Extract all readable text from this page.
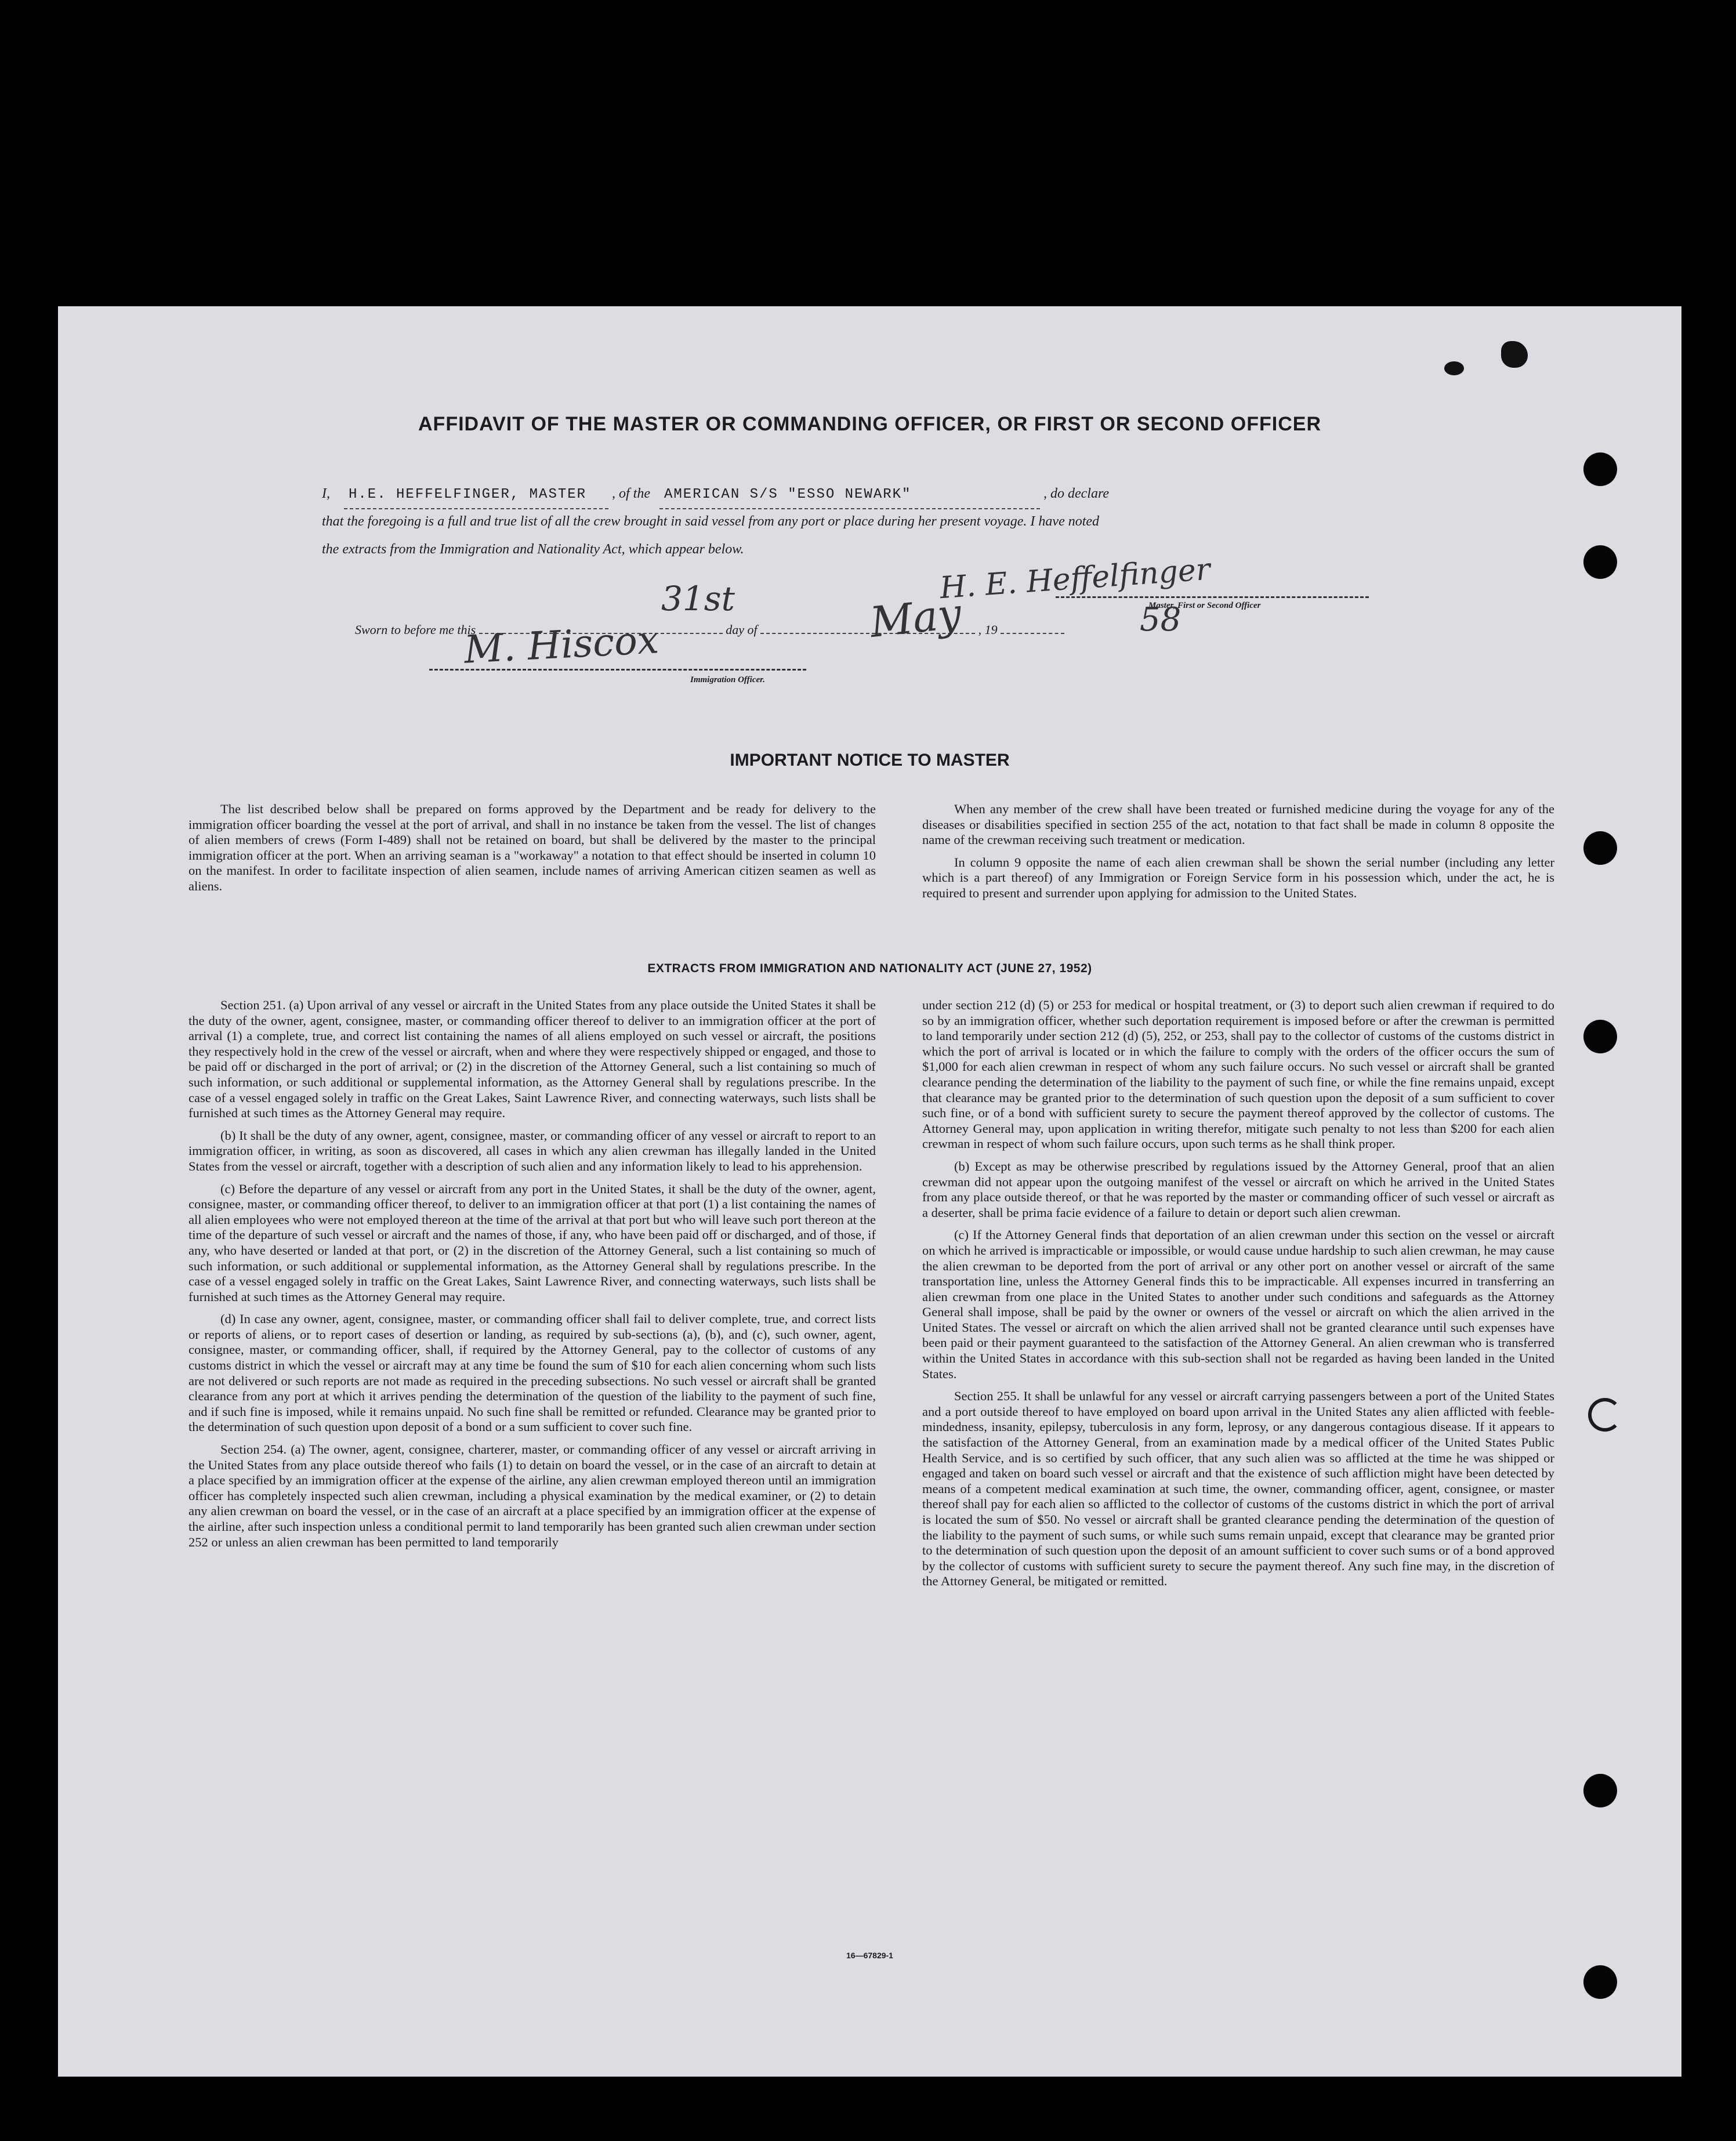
AFFIDAVIT OF THE MASTER OR COMMANDING OFFICER, OR FIRST OR SECOND OFFICER
I, H.E. HEFFELFINGER, MASTER , of the AMERICAN S/S "ESSO NEWARK"	, do declare
that the foregoing is a full and true list of all the crew brought in said vessel from any port or place during her present voyage. I have noted
the extracts from the Immigration and Nationality Act, which appear below.
H. E. Heffelfinger
Master, First or Second Officer
Sworn to before me this	day of	, 19
31st	May	58
M. Hiscox
Immigration Officer.
IMPORTANT NOTICE TO MASTER

The list described below shall be prepared on forms approved by the Department and be ready for delivery to the immigration officer boarding the vessel at the port of arrival, and shall in no instance be taken from the vessel. The list of changes of alien members of crews (Form I-489) shall not be retained on board, but shall be delivered by the master to the principal immigration officer at the port. When an arriving seaman is a "workaway" a notation to that effect should be inserted in column 10 on the manifest. In order to facilitate inspection of alien seamen, include names of arriving American citizen seamen as well as aliens.

When any member of the crew shall have been treated or furnished medicine during the voyage for any of the diseases or disabilities specified in section 255 of the act, notation to that fact shall be made in column 8 opposite the name of the crewman receiving such treatment or medication.

In column 9 opposite the name of each alien crewman shall be shown the serial number (including any letter which is a part thereof) of any Immigration or Foreign Service form in his possession which, under the act, he is required to present and surrender upon applying for admission to the United States.

EXTRACTS FROM IMMIGRATION AND NATIONALITY ACT (JUNE 27, 1952)

Section 251. (a) Upon arrival of any vessel or aircraft in the United States from any place outside the United States it shall be the duty of the owner, agent, consignee, master, or commanding officer thereof to deliver to an immigration officer at the port of arrival (1) a complete, true, and correct list containing the names of all aliens employed on such vessel or aircraft, the positions they respectively hold in the crew of the vessel or aircraft, when and where they were respectively shipped or engaged, and those to be paid off or discharged in the port of arrival; or (2) in the discretion of the Attorney General, such a list containing so much of such information, or such additional or supplemental information, as the Attorney General shall by regulations prescribe. In the case of a vessel engaged solely in traffic on the Great Lakes, Saint Lawrence River, and connecting waterways, such lists shall be furnished at such times as the Attorney General may require.

(b) It shall be the duty of any owner, agent, consignee, master, or commanding officer of any vessel or aircraft to report to an immigration officer, in writing, as soon as discovered, all cases in which any alien crewman has illegally landed in the United States from the vessel or aircraft, together with a description of such alien and any information likely to lead to his apprehension.

(c) Before the departure of any vessel or aircraft from any port in the United States, it shall be the duty of the owner, agent, consignee, master, or commanding officer thereof, to deliver to an immigration officer at that port (1) a list containing the names of all alien employees who were not employed thereon at the time of the arrival at that port but who will leave such port thereon at the time of the departure of such vessel or aircraft and the names of those, if any, who have been paid off or discharged, and of those, if any, who have deserted or landed at that port, or (2) in the discretion of the Attorney General, such a list containing so much of such information, or such additional or supplemental information, as the Attorney General shall by regulations prescribe. In the case of a vessel engaged solely in traffic on the Great Lakes, Saint Lawrence River, and connecting waterways, such lists shall be furnished at such times as the Attorney General may require.

(d) In case any owner, agent, consignee, master, or commanding officer shall fail to deliver complete, true, and correct lists or reports of aliens, or to report cases of desertion or landing, as required by sub-sections (a), (b), and (c), such owner, agent, consignee, master, or commanding officer, shall, if required by the Attorney General, pay to the collector of customs of any customs district in which the vessel or aircraft may at any time be found the sum of $10 for each alien concerning whom such lists are not delivered or such reports are not made as required in the preceding subsections. No such vessel or aircraft shall be granted clearance from any port at which it arrives pending the determination of the question of the liability to the payment of such fine, and if such fine is imposed, while it remains unpaid. No such fine shall be remitted or refunded. Clearance may be granted prior to the determination of such question upon deposit of a bond or a sum sufficient to cover such fine.

Section 254. (a) The owner, agent, consignee, charterer, master, or commanding officer of any vessel or aircraft arriving in the United States from any place outside thereof who fails (1) to detain on board the vessel, or in the case of an aircraft to detain at a place specified by an immigration officer at the expense of the airline, any alien crewman employed thereon until an immigration officer has completely inspected such alien crewman, including a physical examination by the medical examiner, or (2) to detain any alien crewman on board the vessel, or in the case of an aircraft at a place specified by an immigration officer at the expense of the airline, after such inspection unless a conditional permit to land temporarily has been granted such alien crewman under section 252 or unless an alien crewman has been permitted to land temporarily

under section 212 (d) (5) or 253 for medical or hospital treatment, or (3) to deport such alien crewman if required to do so by an immigration officer, whether such deportation requirement is imposed before or after the crewman is permitted to land temporarily under section 212 (d) (5), 252, or 253, shall pay to the collector of customs of the customs district in which the port of arrival is located or in which the failure to comply with the orders of the officer occurs the sum of $1,000 for each alien crewman in respect of whom any such failure occurs. No such vessel or aircraft shall be granted clearance pending the determination of the liability to the payment of such fine, or while the fine remains unpaid, except that clearance may be granted prior to the determination of such question upon the deposit of a sum sufficient to cover such fine, or of a bond with sufficient surety to secure the payment thereof approved by the collector of customs. The Attorney General may, upon application in writing therefor, mitigate such penalty to not less than $200 for each alien crewman in respect of whom such failure occurs, upon such terms as he shall think proper.

(b) Except as may be otherwise prescribed by regulations issued by the Attorney General, proof that an alien crewman did not appear upon the outgoing manifest of the vessel or aircraft on which he arrived in the United States from any place outside thereof, or that he was reported by the master or commanding officer of such vessel or aircraft as a deserter, shall be prima facie evidence of a failure to detain or deport such alien crewman.

(c) If the Attorney General finds that deportation of an alien crewman under this section on the vessel or aircraft on which he arrived is impracticable or impossible, or would cause undue hardship to such alien crewman, he may cause the alien crewman to be deported from the port of arrival or any other port on another vessel or aircraft of the same transportation line, unless the Attorney General finds this to be impracticable. All expenses incurred in transferring an alien crewman from one place in the United States to another under such conditions and safeguards as the Attorney General shall impose, shall be paid by the owner or owners of the vessel or aircraft on which the alien arrived in the United States. The vessel or aircraft on which the alien arrived shall not be granted clearance until such expenses have been paid or their payment guaranteed to the satisfaction of the Attorney General. An alien crewman who is transferred within the United States in accordance with this sub-section shall not be regarded as having been landed in the United States.

Section 255. It shall be unlawful for any vessel or aircraft carrying passengers between a port of the United States and a port outside thereof to have employed on board upon arrival in the United States any alien afflicted with feeble-mindedness, insanity, epilepsy, tuberculosis in any form, leprosy, or any dangerous contagious disease. If it appears to the satisfaction of the Attorney General, from an examination made by a medical officer of the United States Public Health Service, and is so certified by such officer, that any such alien was so afflicted at the time he was shipped or engaged and taken on board such vessel or aircraft and that the existence of such affliction might have been detected by means of a competent medical examination at such time, the owner, commanding officer, agent, consignee, or master thereof shall pay for each alien so afflicted to the collector of customs of the customs district in which the port of arrival is located the sum of $50. No vessel or aircraft shall be granted clearance pending the determination of the question of the liability to the payment of such sums, or while such sums remain unpaid, except that clearance may be granted prior to the determination of such question upon the deposit of an amount sufficient to cover such sums or of a bond approved by the collector of customs with sufficient surety to secure the payment thereof. Any such fine may, in the discretion of the Attorney General, be mitigated or remitted.

16—67829-1
